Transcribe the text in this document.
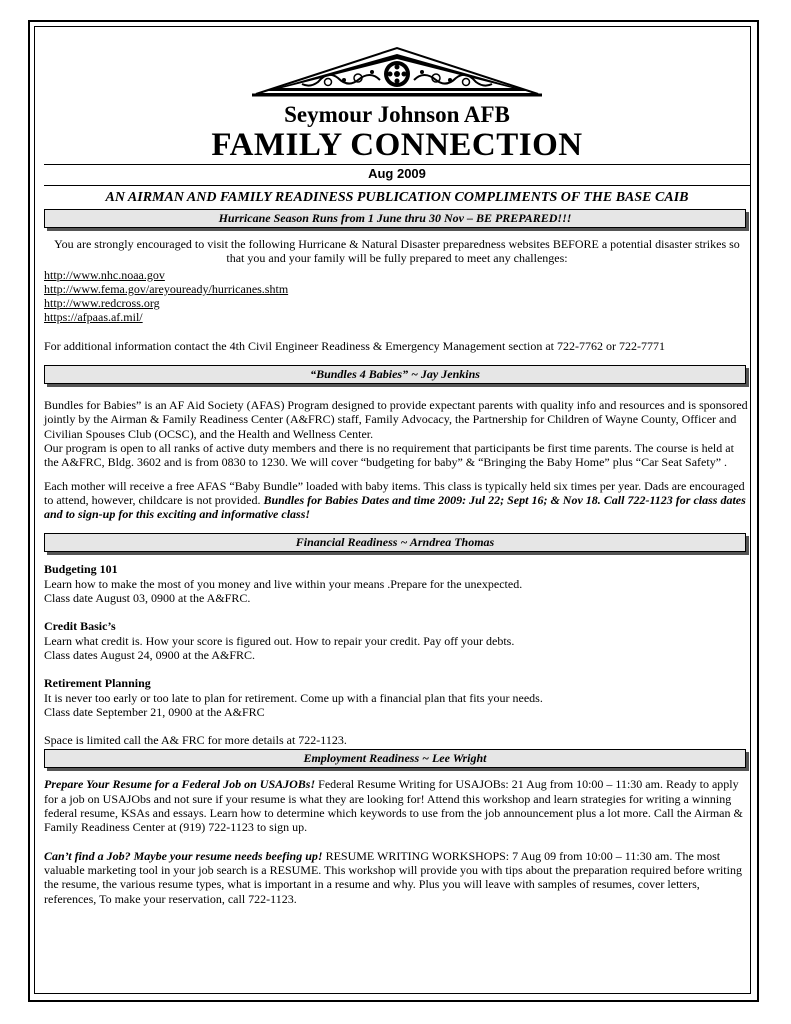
Seymour Johnson AFB
FAMILY CONNECTION
Aug 2009
AN AIRMAN AND FAMILY READINESS PUBLICATION COMPLIMENTS OF THE BASE CAIB
Hurricane Season Runs from 1 June thru 30 Nov – BE PREPARED!!!

You are strongly encouraged to visit the following Hurricane & Natural Disaster preparedness websites BEFORE a potential disaster strikes so that you and your family will be fully prepared to meet any challenges:

http://www.nhc.noaa.gov
http://www.fema.gov/areyouready/hurricanes.shtm
http://www.redcross.org
https://afpaas.af.mil/

For additional information contact the 4th Civil Engineer Readiness & Emergency Management section at 722-7762 or 722-7771

“Bundles 4 Babies” ~ Jay Jenkins

Bundles for Babies” is an AF Aid Society (AFAS) Program designed to provide expectant parents with quality info and resources and is sponsored jointly by the Airman & Family Readiness Center (A&FRC) staff, Family Advocacy, the Partnership for Children of Wayne County, Officer and Civilian Spouses Club (OCSC), and the Health and Wellness Center.

Our program is open to all ranks of active duty members and there is no requirement that participants be first time parents. The course is held at the A&FRC, Bldg. 3602 and is from 0830 to 1230. We will cover “budgeting for baby” & “Bringing the Baby Home” plus “Car Seat Safety” .

Each mother will receive a free AFAS “Baby Bundle” loaded with baby items. This class is typically held six times per year. Dads are encouraged to attend, however, childcare is not provided. Bundles for Babies Dates and time 2009: Jul 22; Sept 16; & Nov 18. Call 722-1123 for class dates and to sign-up for this exciting and informative class!

Financial Readiness ~ Arndrea Thomas

Budgeting 101

Learn how to make the most of you money and live within your means .Prepare for the unexpected.

Class date August 03, 0900 at the A&FRC.

Credit Basic’s

Learn what credit is. How your score is figured out. How to repair your credit. Pay off your debts.

Class dates August 24, 0900 at the A&FRC.

Retirement Planning

It is never too early or too late to plan for retirement. Come up with a financial plan that fits your needs.

Class date September 21, 0900 at the A&FRC

Space is limited call the A& FRC for more details at 722-1123.

Employment Readiness ~ Lee Wright

Prepare Your Resume for a Federal Job on USAJOBs! Federal Resume Writing for USAJOBs: 21 Aug from 10:00 – 11:30 am. Ready to apply for a job on USAJObs and not sure if your resume is what they are looking for! Attend this workshop and learn strategies for writing a winning federal resume, KSAs and essays. Learn how to determine which keywords to use from the job announcement plus a lot more. Call the Airman & Family Readiness Center at (919) 722-1123 to sign up.

Can’t find a Job? Maybe your resume needs beefing up! RESUME WRITING WORKSHOPS: 7 Aug 09 from 10:00 – 11:30 am. The most valuable marketing tool in your job search is a RESUME. This workshop will provide you with tips about the preparation required before writing the resume, the various resume types, what is important in a resume and why. Plus you will leave with samples of resumes, cover letters, references, To make your reservation, call 722-1123.
